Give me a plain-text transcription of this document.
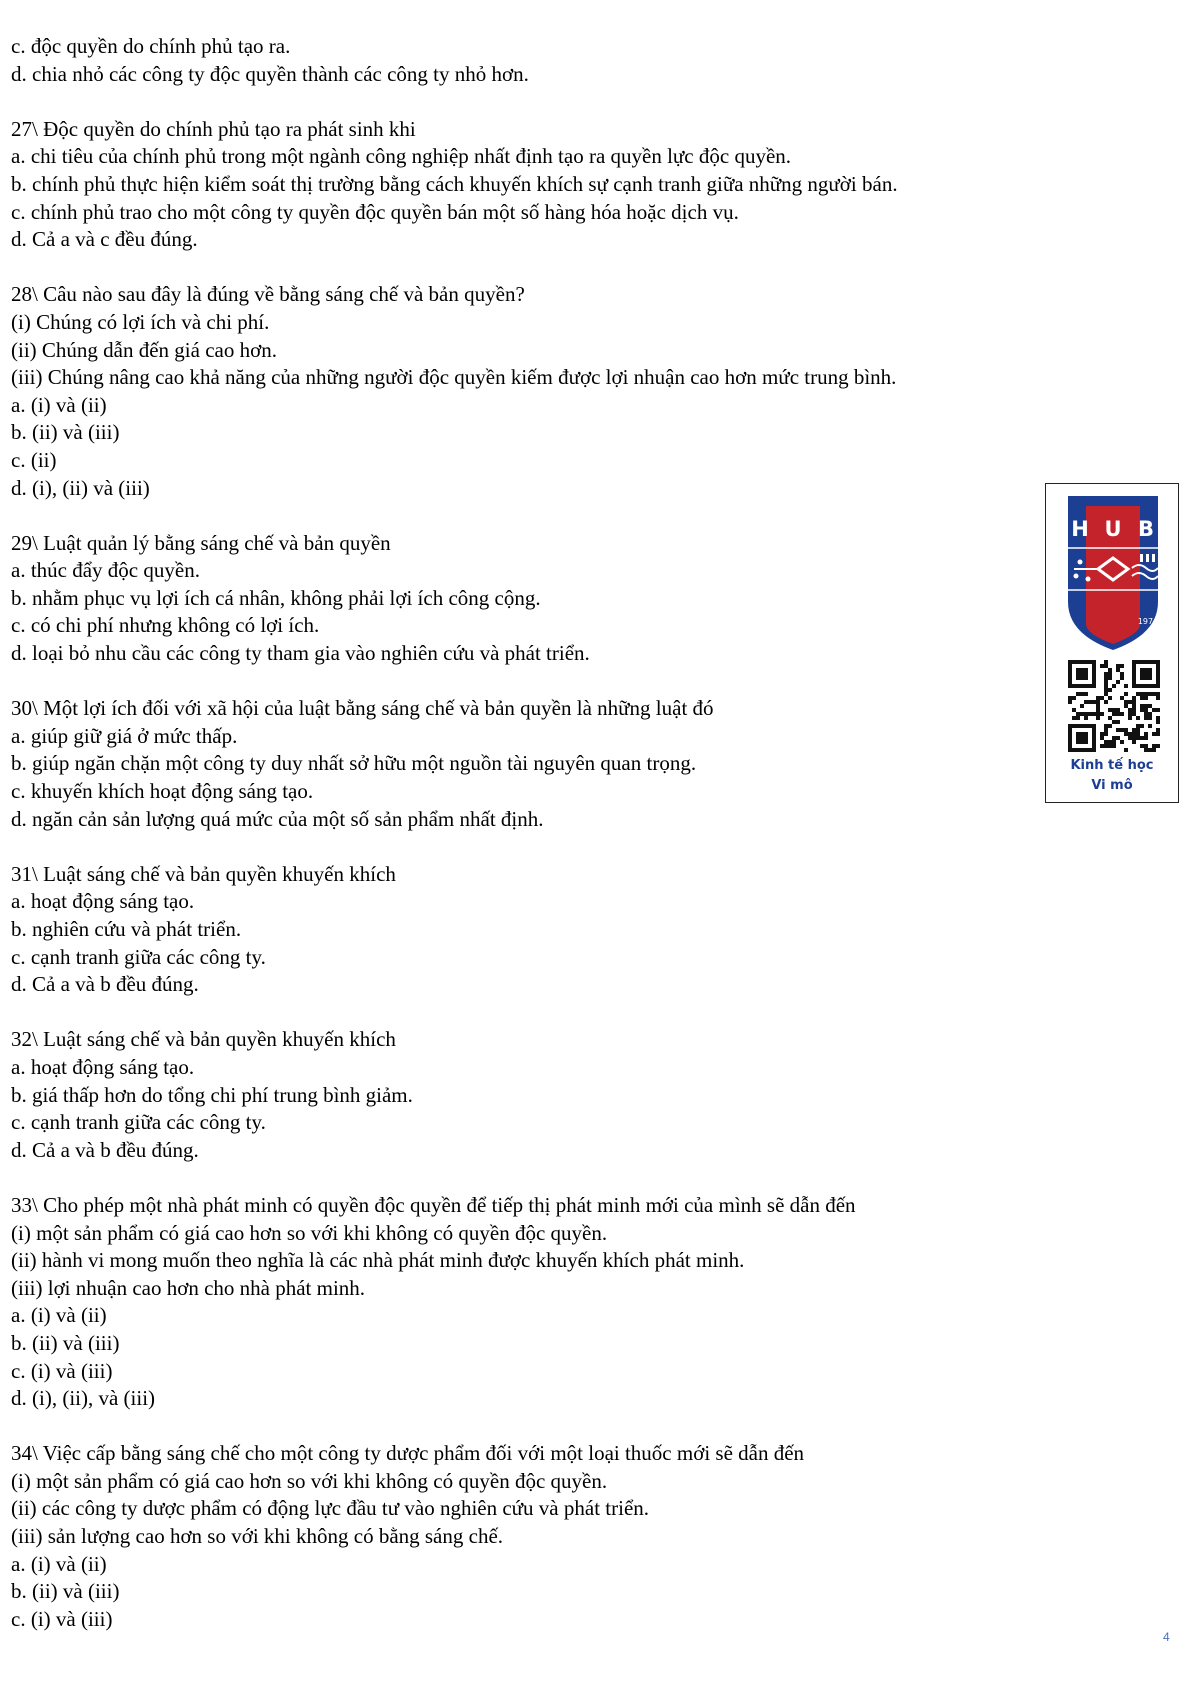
c. độc quyền do chính phủ tạo ra.
d. chia nhỏ các công ty độc quyền thành các công ty nhỏ hơn.
27\ Độc quyền do chính phủ tạo ra phát sinh khi
a. chi tiêu của chính phủ trong một ngành công nghiệp nhất định tạo ra quyền lực độc quyền.
b. chính phủ thực hiện kiểm soát thị trường bằng cách khuyến khích sự cạnh tranh giữa những người bán.
c. chính phủ trao cho một công ty quyền độc quyền bán một số hàng hóa hoặc dịch vụ.
d. Cả a và c đều đúng.
28\ Câu nào sau đây là đúng về bằng sáng chế và bản quyền?
(i) Chúng có lợi ích và chi phí.
(ii) Chúng dẫn đến giá cao hơn.
(iii) Chúng nâng cao khả năng của những người độc quyền kiếm được lợi nhuận cao hơn mức trung bình.
a. (i) và (ii)
b. (ii) và (iii)
c. (ii)
d. (i), (ii) và (iii)
29\ Luật quản lý bằng sáng chế và bản quyền
a. thúc đẩy độc quyền.
b. nhằm phục vụ lợi ích cá nhân, không phải lợi ích công cộng.
c. có chi phí nhưng không có lợi ích.
d. loại bỏ nhu cầu các công ty tham gia vào nghiên cứu và phát triển.
30\ Một lợi ích đối với xã hội của luật bằng sáng chế và bản quyền là những luật đó
a. giúp giữ giá ở mức thấp.
b. giúp ngăn chặn một công ty duy nhất sở hữu một nguồn tài nguyên quan trọng.
c. khuyến khích hoạt động sáng tạo.
d. ngăn cản sản lượng quá mức của một số sản phẩm nhất định.
31\ Luật sáng chế và bản quyền khuyến khích
a. hoạt động sáng tạo.
b. nghiên cứu và phát triển.
c. cạnh tranh giữa các công ty.
d. Cả a và b đều đúng.
32\ Luật sáng chế và bản quyền khuyến khích
a. hoạt động sáng tạo.
b. giá thấp hơn do tổng chi phí trung bình giảm.
c. cạnh tranh giữa các công ty.
d. Cả a và b đều đúng.
33\ Cho phép một nhà phát minh có quyền độc quyền để tiếp thị phát minh mới của mình sẽ dẫn đến
(i) một sản phẩm có giá cao hơn so với khi không có quyền độc quyền.
(ii) hành vi mong muốn theo nghĩa là các nhà phát minh được khuyến khích phát minh.
(iii) lợi nhuận cao hơn cho nhà phát minh.
a. (i) và (ii)
b. (ii) và (iii)
c. (i) và (iii)
d. (i), (ii), và (iii)
34\ Việc cấp bằng sáng chế cho một công ty dược phẩm đối với một loại thuốc mới sẽ dẫn đến
(i) một sản phẩm có giá cao hơn so với khi không có quyền độc quyền.
(ii) các công ty dược phẩm có động lực đầu tư vào nghiên cứu và phát triển.
(iii) sản lượng cao hơn so với khi không có bằng sáng chế.
a. (i) và (ii)
b. (ii) và (iii)
c. (i) và (iii)
H U B
1976
Kinh tế học
Vi mô
4
